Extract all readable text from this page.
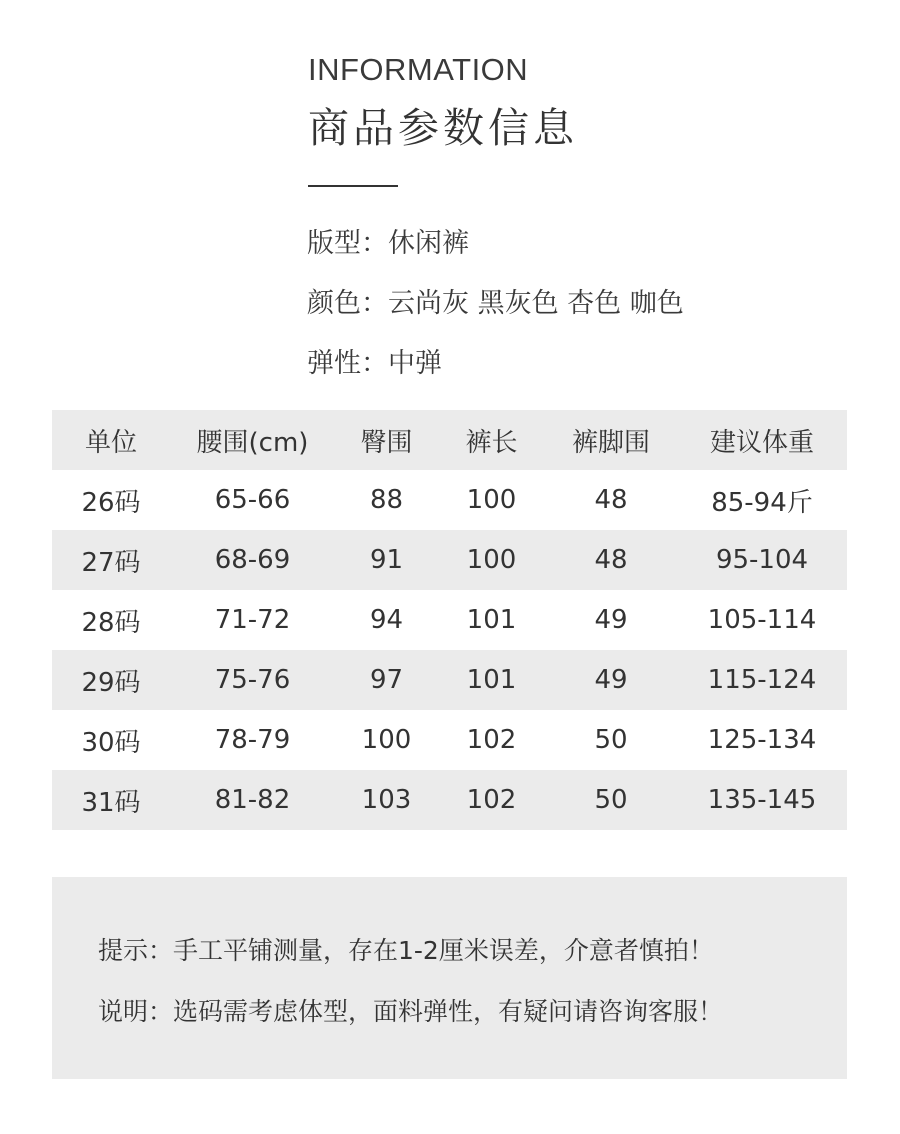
INFORMATION
商品参数信息
版型：休闲裤
颜色：云尚灰 黑灰色 杏色 咖色
弹性：中弹
单位	腰围(cm)	臀围	裤长	裤脚围	建议体重
26码	65-66	88	100	48	85-94斤
27码	68-69	91	100	48	95-104
28码	71-72	94	101	49	105-114
29码	75-76	97	101	49	115-124
30码	78-79	100	102	50	125-134
31码	81-82	103	102	50	135-145
提示：手工平铺测量，存在1-2厘米误差，介意者慎拍！
说明：选码需考虑体型，面料弹性，有疑问请咨询客服！
